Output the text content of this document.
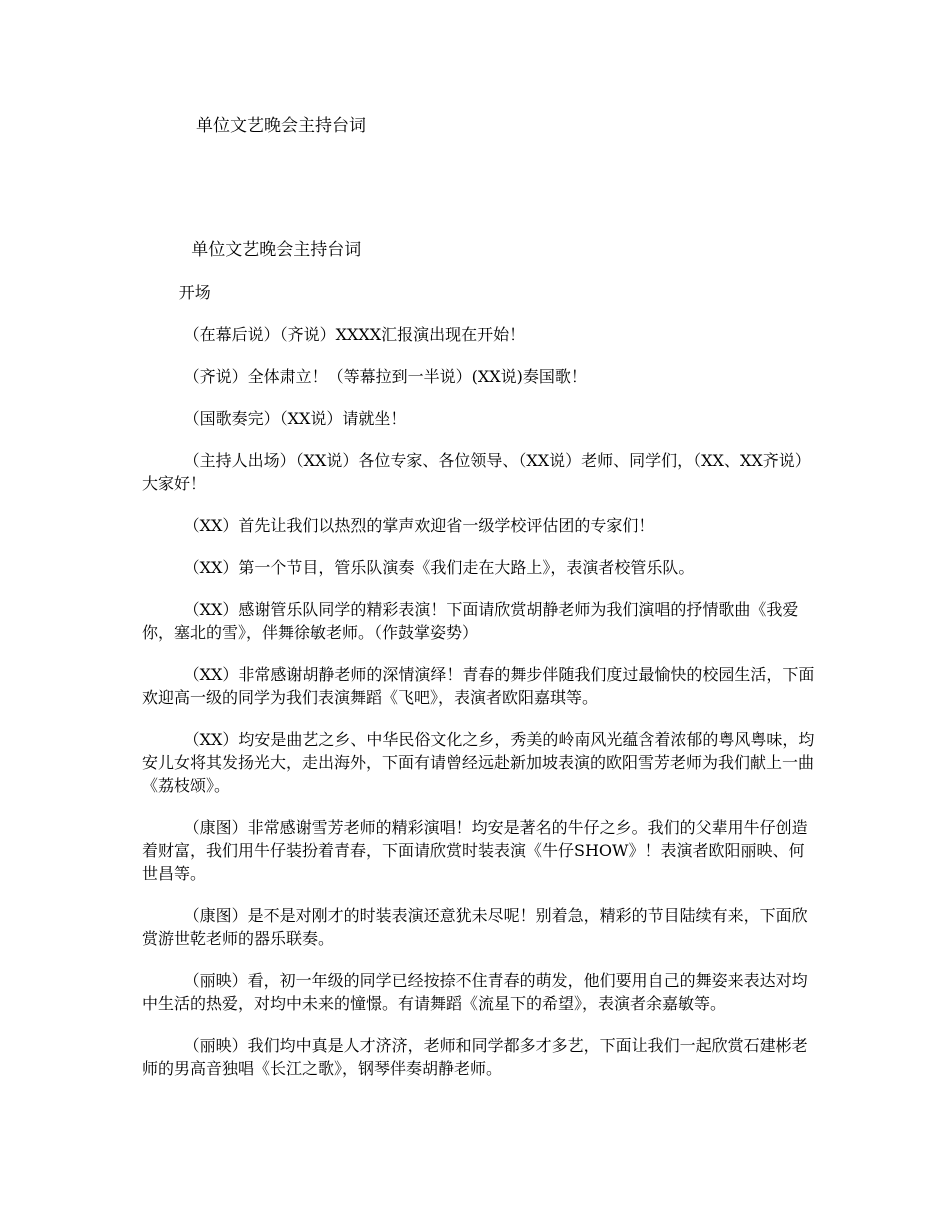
单位文艺晚会主持台词

单位文艺晚会主持台词

开场

（在幕后说）（齐说）XXXX汇报演出现在开始！

（齐说）全体肃立！（等幕拉到一半说）(XX说)奏国歌！

（国歌奏完）（XX说）请就坐！

（主持人出场）（XX说）各位专家、各位领导、（XX说）老师、同学们，（XX、XX齐说）大家好！

（XX）首先让我们以热烈的掌声欢迎省一级学校评估团的专家们！

（XX）第一个节目，管乐队演奏《我们走在大路上》，表演者校管乐队。

（XX）感谢管乐队同学的精彩表演！下面请欣赏胡静老师为我们演唱的抒情歌曲《我爱你，塞北的雪》，伴舞徐敏老师。（作鼓掌姿势）

（XX）非常感谢胡静老师的深情演绎！青春的舞步伴随我们度过最愉快的校园生活，下面欢迎高一级的同学为我们表演舞蹈《飞吧》，表演者欧阳嘉琪等。

（XX）均安是曲艺之乡、中华民俗文化之乡，秀美的岭南风光蕴含着浓郁的粤风粤味，均安儿女将其发扬光大，走出海外，下面有请曾经远赴新加坡表演的欧阳雪芳老师为我们献上一曲《荔枝颂》。

（康图）非常感谢雪芳老师的精彩演唱！均安是著名的牛仔之乡。我们的父辈用牛仔创造着财富，我们用牛仔装扮着青春，下面请欣赏时装表演《牛仔SHOW》！表演者欧阳丽映、何世昌等。

（康图）是不是对刚才的时装表演还意犹未尽呢！别着急，精彩的节目陆续有来，下面欣赏游世乾老师的器乐联奏。

（丽映）看，初一年级的同学已经按捺不住青春的萌发，他们要用自己的舞姿来表达对均中生活的热爱，对均中未来的憧憬。有请舞蹈《流星下的希望》，表演者余嘉敏等。

（丽映）我们均中真是人才济济，老师和同学都多才多艺，下面让我们一起欣赏石建彬老师的男高音独唱《长江之歌》，钢琴伴奏胡静老师。
